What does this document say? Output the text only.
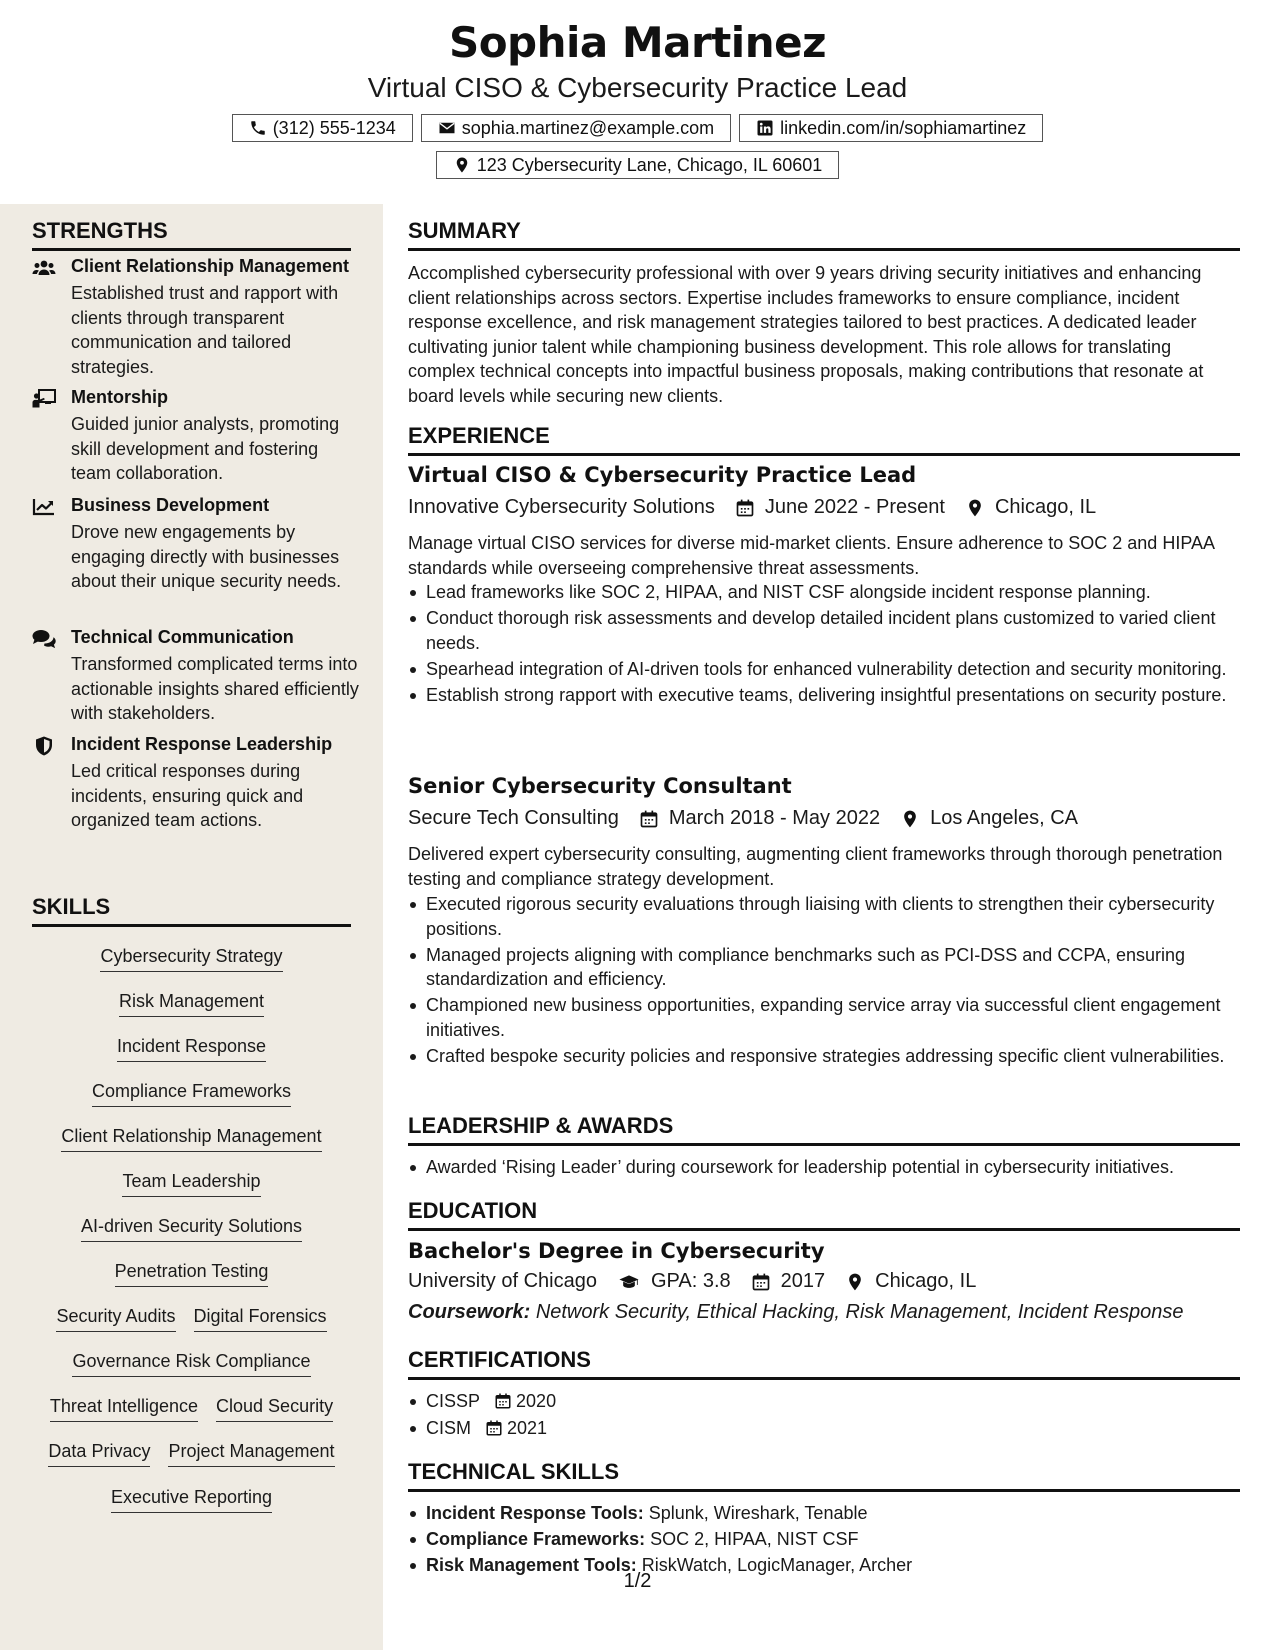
Sophia Martinez
Virtual CISO & Cybersecurity Practice Lead
(312) 555-1234	sophia.martinez@example.com	linkedin.com/in/sophiamartinez
123 Cybersecurity Lane, Chicago, IL 60601
STRENGTHS
Client Relationship Management
Established trust and rapport with clients through transparent communication and tailored strategies.
Mentorship
Guided junior analysts, promoting skill development and fostering team collaboration.
Business Development
Drove new engagements by engaging directly with businesses about their unique security needs.
Technical Communication
Transformed complicated terms into actionable insights shared efficiently with stakeholders.
Incident Response Leadership
Led critical responses during incidents, ensuring quick and organized team actions.
SKILLS
Cybersecurity Strategy
Risk Management
Incident Response
Compliance Frameworks
Client Relationship Management
Team Leadership
AI-driven Security Solutions
Penetration Testing
Security Audits Digital Forensics
Governance Risk Compliance
Threat Intelligence Cloud Security
Data Privacy Project Management
Executive Reporting
SUMMARY

Accomplished cybersecurity professional with over 9 years driving security initiatives and enhancing client relationships across sectors. Expertise includes frameworks to ensure compliance, incident response excellence, and risk management strategies tailored to best practices. A dedicated leader cultivating junior talent while championing business development. This role allows for translating complex technical concepts into impactful business proposals, making contributions that resonate at board levels while securing new clients.

EXPERIENCE
Virtual CISO & Cybersecurity Practice Lead
Innovative Cybersecurity Solutions	June 2022 - Present	Chicago, IL

Manage virtual CISO services for diverse mid-market clients. Ensure adherence to SOC 2 and HIPAA standards while overseeing comprehensive threat assessments.

Lead frameworks like SOC 2, HIPAA, and NIST CSF alongside incident response planning.
Conduct thorough risk assessments and develop detailed incident plans customized to varied client needs.
Spearhead integration of AI-driven tools for enhanced vulnerability detection and security monitoring.
Establish strong rapport with executive teams, delivering insightful presentations on security posture.
Senior Cybersecurity Consultant
Secure Tech Consulting	March 2018 - May 2022	Los Angeles, CA

Delivered expert cybersecurity consulting, augmenting client frameworks through thorough penetration testing and compliance strategy development.

Executed rigorous security evaluations through liaising with clients to strengthen their cybersecurity positions.
Managed projects aligning with compliance benchmarks such as PCI-DSS and CCPA, ensuring standardization and efficiency.
Championed new business opportunities, expanding service array via successful client engagement initiatives.
Crafted bespoke security policies and responsive strategies addressing specific client vulnerabilities.
LEADERSHIP & AWARDS
Awarded ‘Rising Leader’ during coursework for leadership potential in cybersecurity initiatives.
EDUCATION
Bachelor's Degree in Cybersecurity
University of Chicago	GPA: 3.8	2017	Chicago, IL
Coursework:
Network Security, Ethical Hacking, Risk Management, Incident Response
CERTIFICATIONS
CISSP 2020
CISM 2021
TECHNICAL SKILLS
Incident Response Tools: Splunk, Wireshark, Tenable
Compliance Frameworks: SOC 2, HIPAA, NIST CSF
Risk Management Tools: RiskWatch, LogicManager, Archer
1/2
